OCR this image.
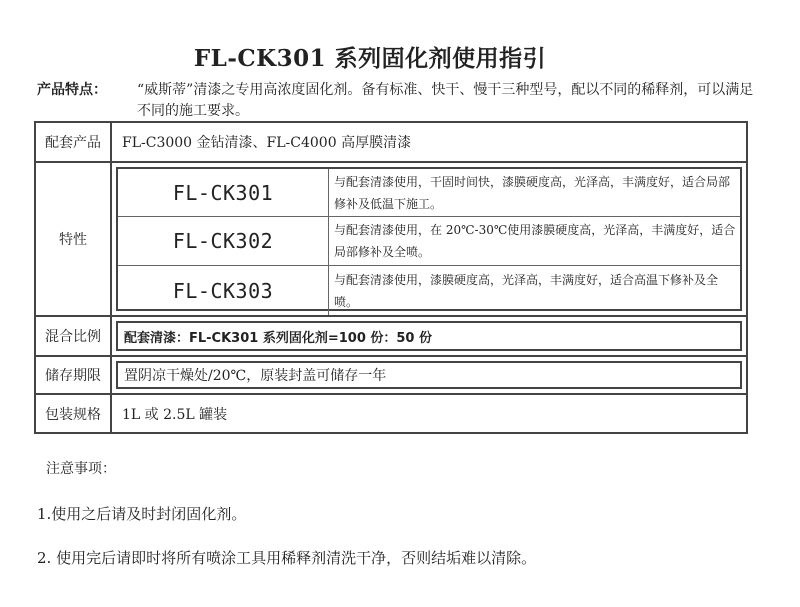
FL-CK301 系列固化剂使用指引
产品特点： “威斯蒂”清漆之专用高浓度固化剂。备有标准、快干、慢干三种型号，配以不同的稀释剂，可以满足不同的施工要求。
配套产品	FL-C3000 金钻清漆、FL-C4000 高厚膜清漆
特性
FL-CK301	与配套清漆使用，干固时间快，漆膜硬度高，光泽高，丰满度好，适合局部修补及低温下施工。
FL-CK302	与配套清漆使用，在 20℃-30℃使用漆膜硬度高，光泽高，丰满度好，适合局部修补及全喷。
FL-CK303	与配套清漆使用，漆膜硬度高，光泽高，丰满度好，适合高温下修补及全喷。
混合比例	配套清漆：FL-CK301 系列固化剂=100 份：50 份
储存期限	置阴凉干燥处/20℃，原装封盖可储存一年
包装规格	1L 或 2.5L 罐装
注意事项：
1.使用之后请及时封闭固化剂。
2. 使用完后请即时将所有喷涂工具用稀释剂清洗干净，否则结垢难以清除。
